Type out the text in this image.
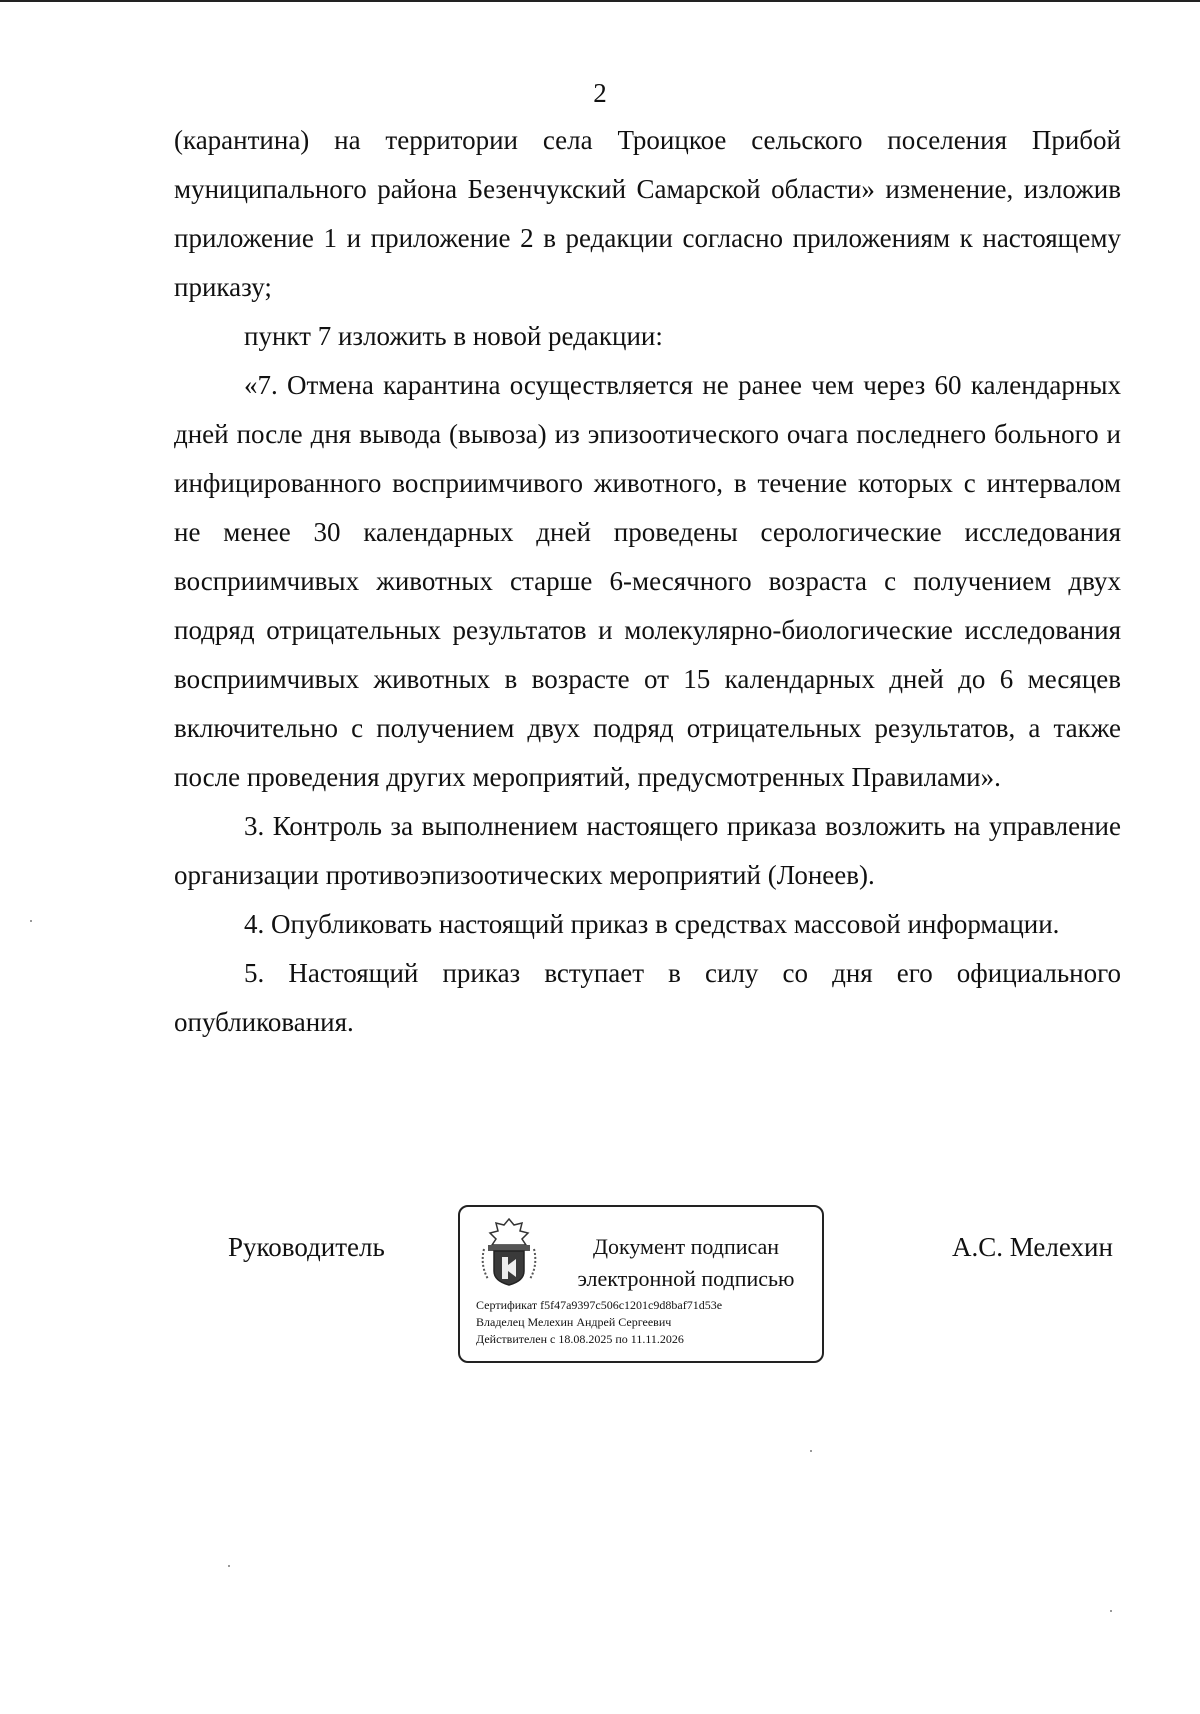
2

(карантина) на территории села Троицкое сельского поселения Прибой муниципального района Безенчукский Самарской области» изменение, изложив приложение 1 и приложение 2 в редакции согласно приложениям к настоящему приказу;

пункт 7 изложить в новой редакции:

«7. Отмена карантина осуществляется не ранее чем через 60 календарных дней после дня вывода (вывоза) из эпизоотического очага последнего больного и инфицированного восприимчивого животного, в течение которых с интервалом не менее 30 календарных дней проведены серологические исследования восприимчивых животных старше 6-месячного возраста с получением двух подряд отрицательных результатов и молекулярно-биологические исследования восприимчивых животных в возрасте от 15 календарных дней до 6 месяцев включительно с получением двух подряд отрицательных результатов, а также после проведения других мероприятий, предусмотренных Правилами».

3. Контроль за выполнением настоящего приказа возложить на управление организации противоэпизоотических мероприятий (Лонеев).

4. Опубликовать настоящий приказ в средствах массовой информации.

5. Настоящий приказ вступает в силу со дня его официального опубликования.

Руководитель	Документ подписан
электронной подписью
Сертификат f5f47a9397c506c1201c9d8baf71d53e
Владелец Мелехин Андрей Сергеевич
Действителен с 18.08.2025 по 11.11.2026
А.С. Мелехин
